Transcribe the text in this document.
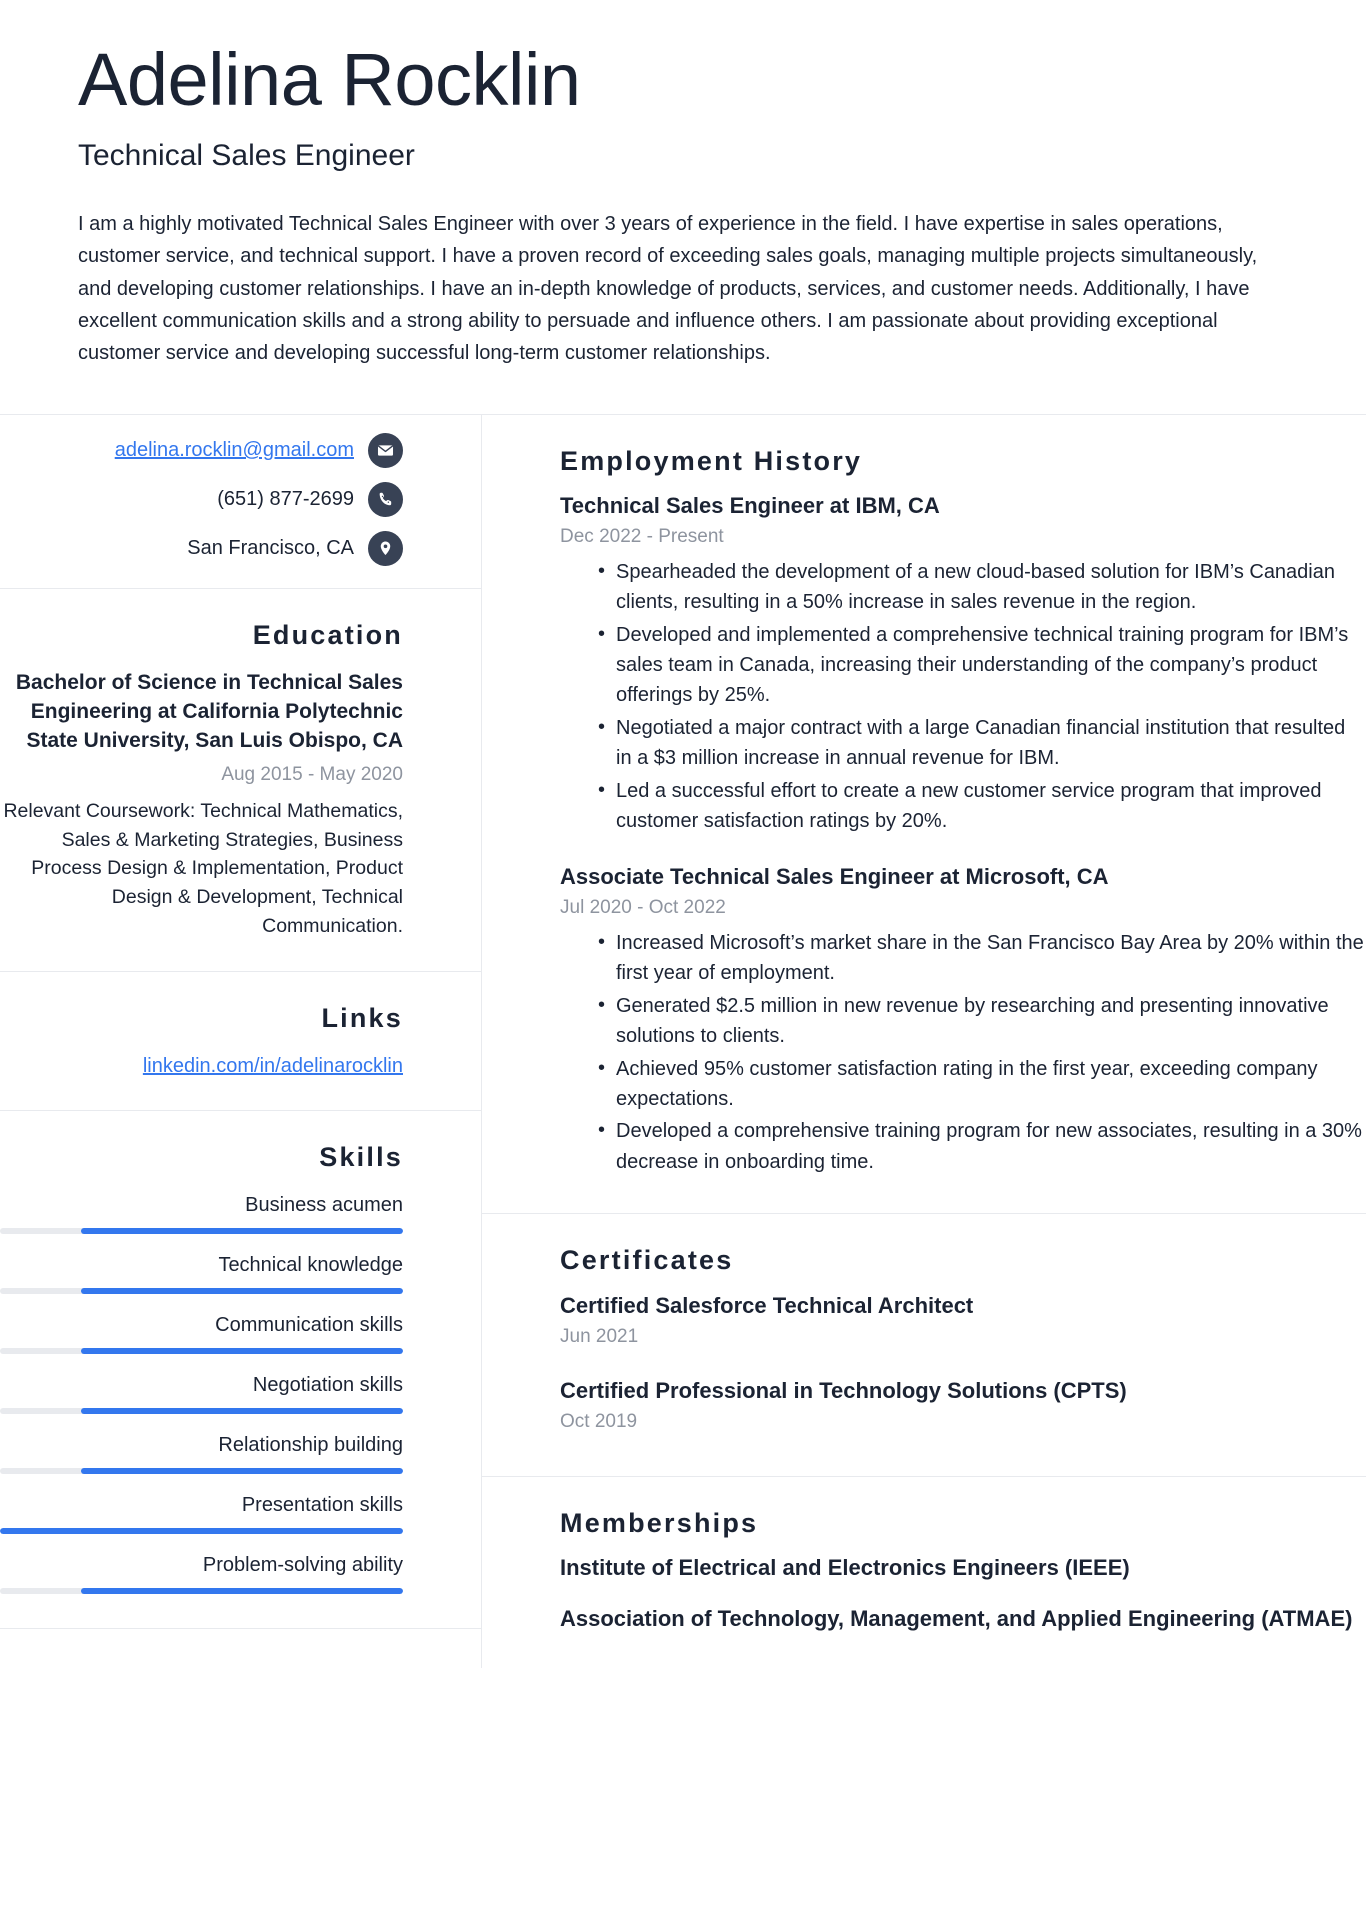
Adelina Rocklin
Technical Sales Engineer

I am a highly motivated Technical Sales Engineer with over 3 years of experience in the field. I have expertise in sales operations, customer service, and technical support. I have a proven record of exceeding sales goals, managing multiple projects simultaneously, and developing customer relationships. I have an in-depth knowledge of products, services, and customer needs. Additionally, I have excellent communication skills and a strong ability to persuade and influence others. I am passionate about providing exceptional customer service and developing successful long-term customer relationships.

adelina.rocklin@gmail.com
(651) 877-2699
San Francisco, CA
Education

Bachelor of Science in Technical Sales Engineering at California Polytechnic State University, San Luis Obispo, CA

Aug 2015 - May 2020

Relevant Coursework: Technical Mathematics, Sales & Marketing Strategies, Business Process Design & Implementation, Product Design & Development, Technical Communication.

Links
linkedin.com/in/adelinarocklin
Skills
Business acumen
Technical knowledge
Communication skills
Negotiation skills
Relationship building
Presentation skills
Problem-solving ability
Employment History

Technical Sales Engineer at IBM, CA

Dec 2022 - Present

• Spearheaded the development of a new cloud-based solution for IBM’s Canadian clients, resulting in a 50% increase in sales revenue in the region.
• Developed and implemented a comprehensive technical training program for IBM’s sales team in Canada, increasing their understanding of the company’s product offerings by 25%.
• Negotiated a major contract with a large Canadian financial institution that resulted in a $3 million increase in annual revenue for IBM.
• Led a successful effort to create a new customer service program that improved customer satisfaction ratings by 20%.

Associate Technical Sales Engineer at Microsoft, CA

Jul 2020 - Oct 2022

• Increased Microsoft’s market share in the San Francisco Bay Area by 20% within the first year of employment.
• Generated $2.5 million in new revenue by researching and presenting innovative solutions to clients.
• Achieved 95% customer satisfaction rating in the first year, exceeding company expectations.
• Developed a comprehensive training program for new associates, resulting in a 30% decrease in onboarding time.
Certificates

Certified Salesforce Technical Architect

Jun 2021

Certified Professional in Technology Solutions (CPTS)

Oct 2019

Memberships

Institute of Electrical and Electronics Engineers (IEEE)

Association of Technology, Management, and Applied Engineering (ATMAE)
